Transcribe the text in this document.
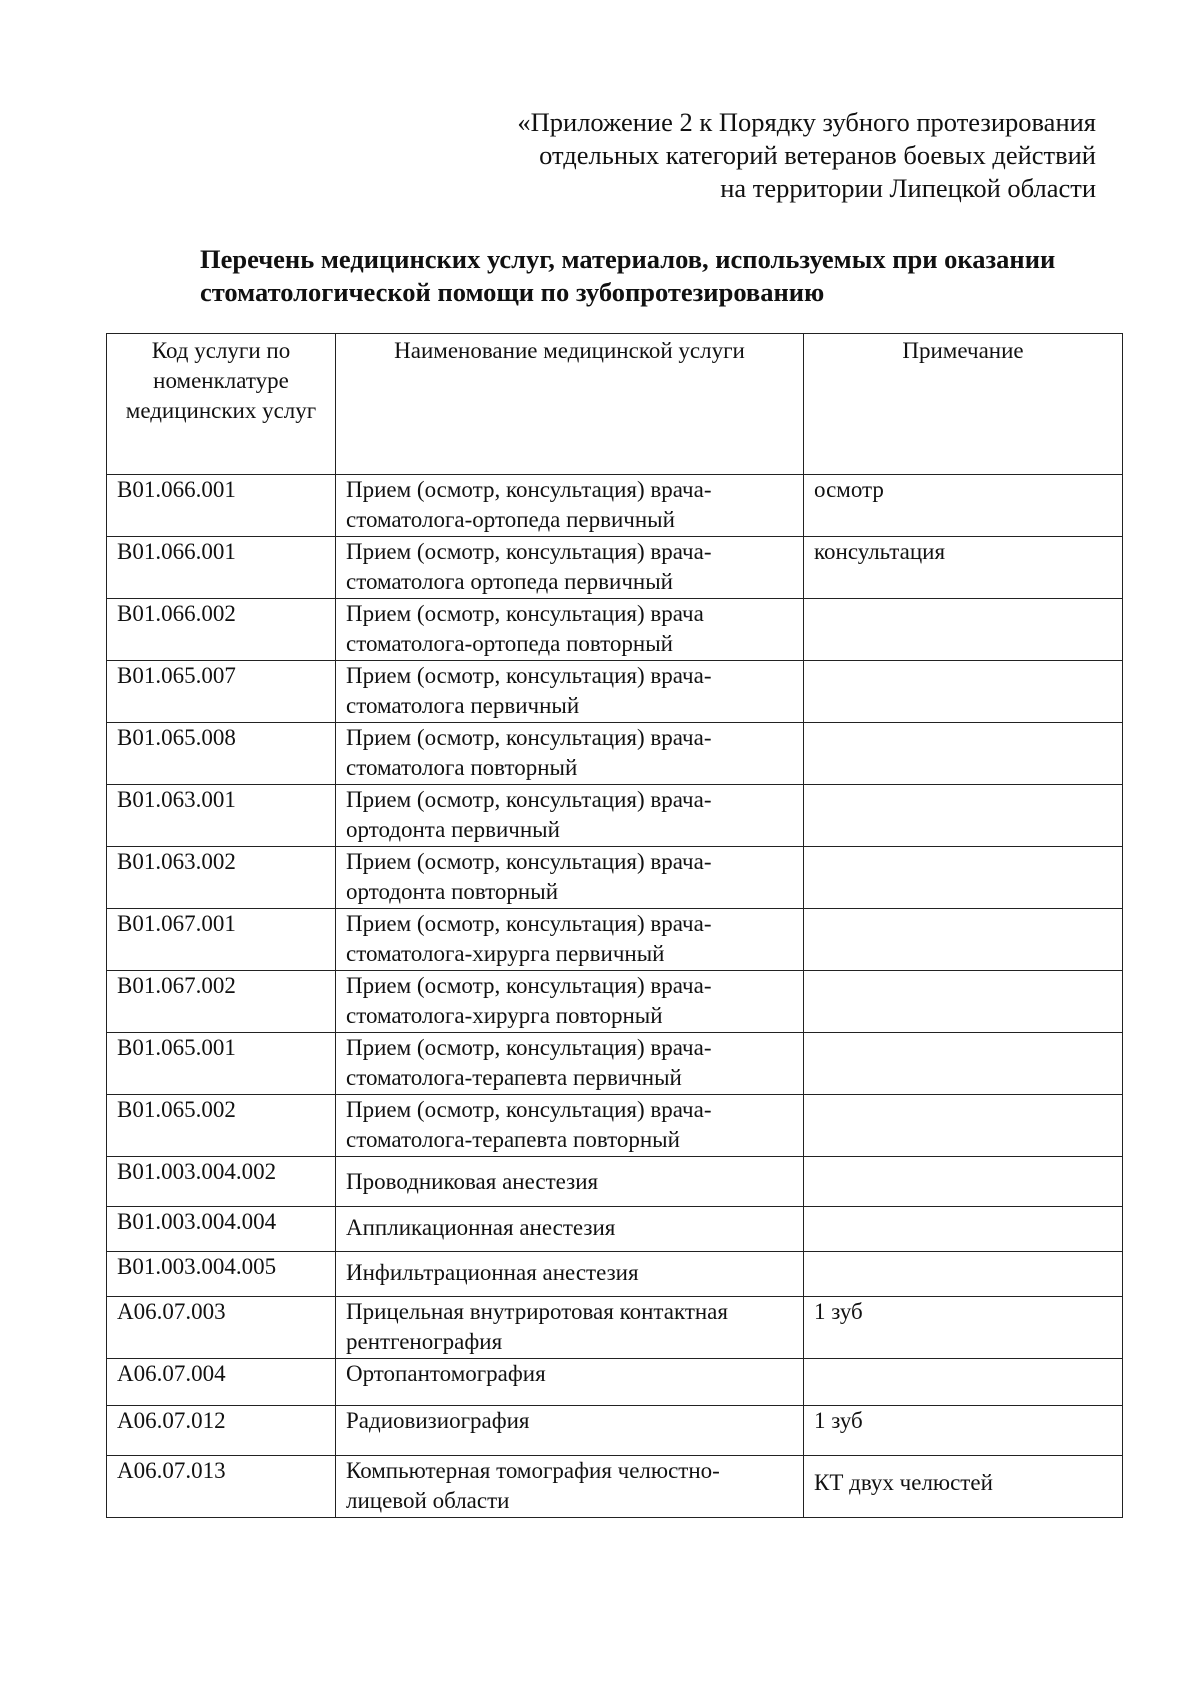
«Приложение 2 к Порядку зубного протезирования
отдельных категорий ветеранов боевых действий
на территории Липецкой области
Перечень медицинских услуг, материалов, используемых при оказании
стоматологической помощи по зубопротезированию
Код услуги по номенклатуре медицинских услуг	Наименование медицинской услуги	Примечание
В01.066.001	Прием (осмотр, консультация) врача-стоматолога-ортопеда первичный	осмотр
В01.066.001	Прием (осмотр, консультация) врача-стоматолога ортопеда первичный	консультация
В01.066.002	Прием (осмотр, консультация) врача стоматолога-ортопеда повторный	
В01.065.007	Прием (осмотр, консультация) врача-стоматолога первичный	
В01.065.008	Прием (осмотр, консультация) врача-стоматолога повторный	
В01.063.001	Прием (осмотр, консультация) врача-ортодонта первичный	
В01.063.002	Прием (осмотр, консультация) врача-ортодонта повторный	
В01.067.001	Прием (осмотр, консультация) врача-стоматолога-хирурга первичный	
В01.067.002	Прием (осмотр, консультация) врача-стоматолога-хирурга повторный	
В01.065.001	Прием (осмотр, консультация) врача-стоматолога-терапевта первичный	
В01.065.002	Прием (осмотр, консультация) врача-стоматолога-терапевта повторный	
В01.003.004.002	Проводниковая анестезия	
В01.003.004.004	Аппликационная анестезия	
В01.003.004.005	Инфильтрационная анестезия	
А06.07.003	Прицельная внутриротовая контактная рентгенография	1 зуб
А06.07.004	Ортопантомография	
А06.07.012	Радиовизиография	1 зуб
А06.07.013	Компьютерная томография челюстно-лицевой области	КТ двух челюстей
